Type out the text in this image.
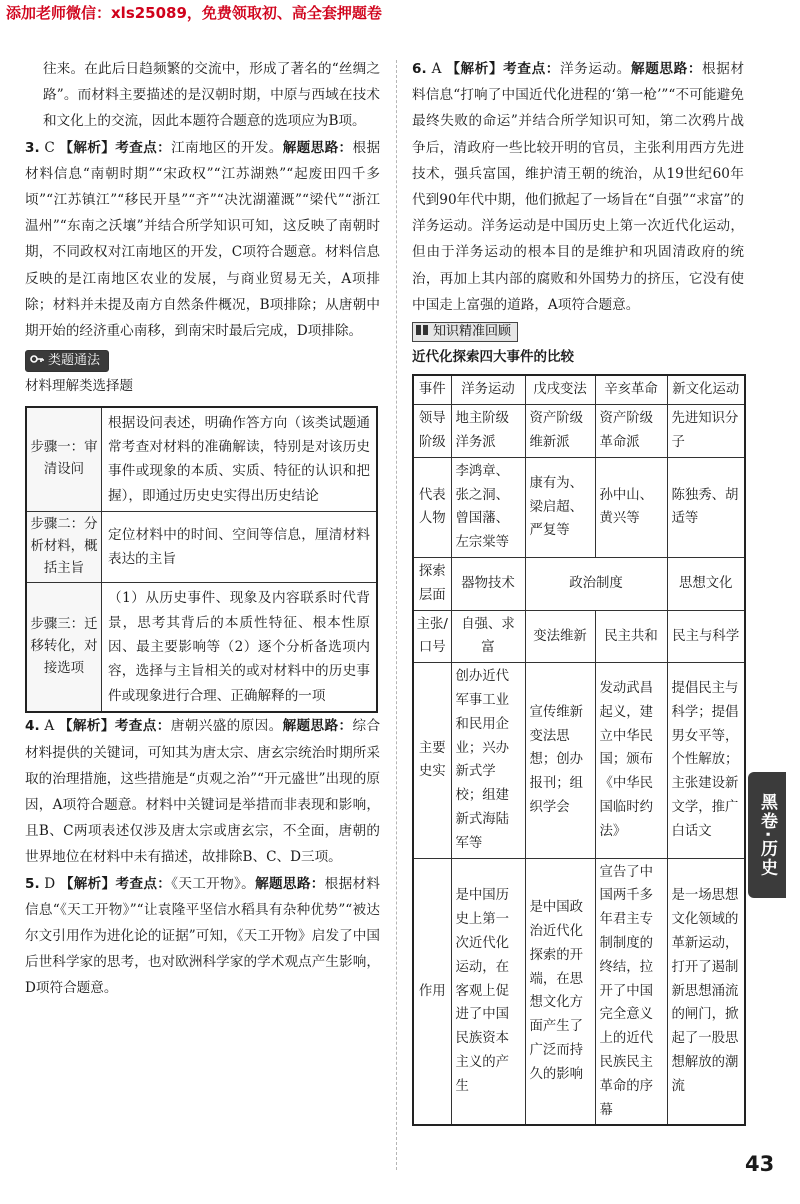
添加老师微信：xls25089，免费领取初、高全套押题卷

往来。在此后日趋频繁的交流中，形成了著名的“丝绸之路”。而材料主要描述的是汉朝时期，中原与西域在技术和文化上的交流，因此本题符合题意的选项应为B项。

3. C 【解析】考查点：江南地区的开发。解题思路：根据材料信息“南朝时期”“宋政权”“江苏湖熟”“起废田四千多顷”“江苏镇江”“移民开垦”“齐”“决沈湖灌溉”“梁代”“浙江温州”“东南之沃壤”并结合所学知识可知，这反映了南朝时期，不同政权对江南地区的开发，C项符合题意。材料信息反映的是江南地区农业的发展，与商业贸易无关，A项排除；材料并未提及南方自然条件概况，B项排除；从唐朝中期开始的经济重心南移，到南宋时最后完成，D项排除。

类题通法

材料理解类选择题

步骤一：审清设问	根据设问表述，明确作答方向（该类试题通常考查对材料的准确解读，特别是对该历史事件或现象的本质、实质、特征的认识和把握），即通过历史史实得出历史结论
步骤二：分析材料，概括主旨	定位材料中的时间、空间等信息，厘清材料表达的主旨
步骤三：迁移转化，对接选项	（1）从历史事件、现象及内容联系时代背景，思考其背后的本质性特征、根本性原因、最主要影响等（2）逐个分析备选项内容，选择与主旨相关的或对材料中的历史事件或现象进行合理、正确解释的一项

4. A 【解析】考查点：唐朝兴盛的原因。解题思路：综合材料提供的关键词，可知其为唐太宗、唐玄宗统治时期所采取的治理措施，这些措施是“贞观之治”“开元盛世”出现的原因，A项符合题意。材料中关键词是举措而非表现和影响，且B、C两项表述仅涉及唐太宗或唐玄宗，不全面，唐朝的世界地位在材料中未有描述，故排除B、C、D三项。

5. D 【解析】考查点：《天工开物》。解题思路：根据材料信息“《天工开物》”“让袁隆平坚信水稻具有杂种优势”“被达尔文引用作为进化论的证据”可知，《天工开物》启发了中国后世科学家的思考，也对欧洲科学家的学术观点产生影响，D项符合题意。

6. A 【解析】考查点：洋务运动。解题思路：根据材料信息“打响了中国近代化进程的‘第一枪’”“不可能避免最终失败的命运”并结合所学知识可知，第二次鸦片战争后，清政府一些比较开明的官员，主张利用西方先进技术，强兵富国，维护清王朝的统治，从19世纪60年代到90年代中期，他们掀起了一场旨在“自强”“求富”的洋务运动。洋务运动是中国历史上第一次近代化运动，但由于洋务运动的根本目的是维护和巩固清政府的统治，再加上其内部的腐败和外国势力的挤压，它没有使中国走上富强的道路，A项符合题意。

知识精准回顾

近代化探索四大事件的比较

事件	洋务运动	戊戌变法	辛亥革命	新文化运动
领导阶级	地主阶级洋务派	资产阶级维新派	资产阶级革命派	先进知识分子
代表人物	李鸿章、张之洞、曾国藩、左宗棠等	康有为、梁启超、严复等	孙中山、黄兴等	陈独秀、胡适等
探索层面	器物技术	政治制度		思想文化
主张/口号	自强、求富	变法维新	民主共和	民主与科学
主要史实	创办近代军事工业和民用企业；兴办新式学校；组建新式海陆军等	宣传维新变法思想；创办报刊；组织学会	发动武昌起义，建立中华民国；颁布《中华民国临时约法》	提倡民主与科学；提倡男女平等，个性解放；主张建设新文学，推广白话文
作用	是中国历史上第一次近代化运动，在客观上促进了中国民族资本主义的产生	是中国政治近代化探索的开端，在思想文化方面产生了广泛而持久的影响	宣告了中国两千多年君主专制制度的终结，拉开了中国完全意义上的近代民族民主革命的序幕	是一场思想文化领域的革新运动，打开了遏制新思想涌流的闸门，掀起了一股思想解放的潮流
黑卷·历史
43
